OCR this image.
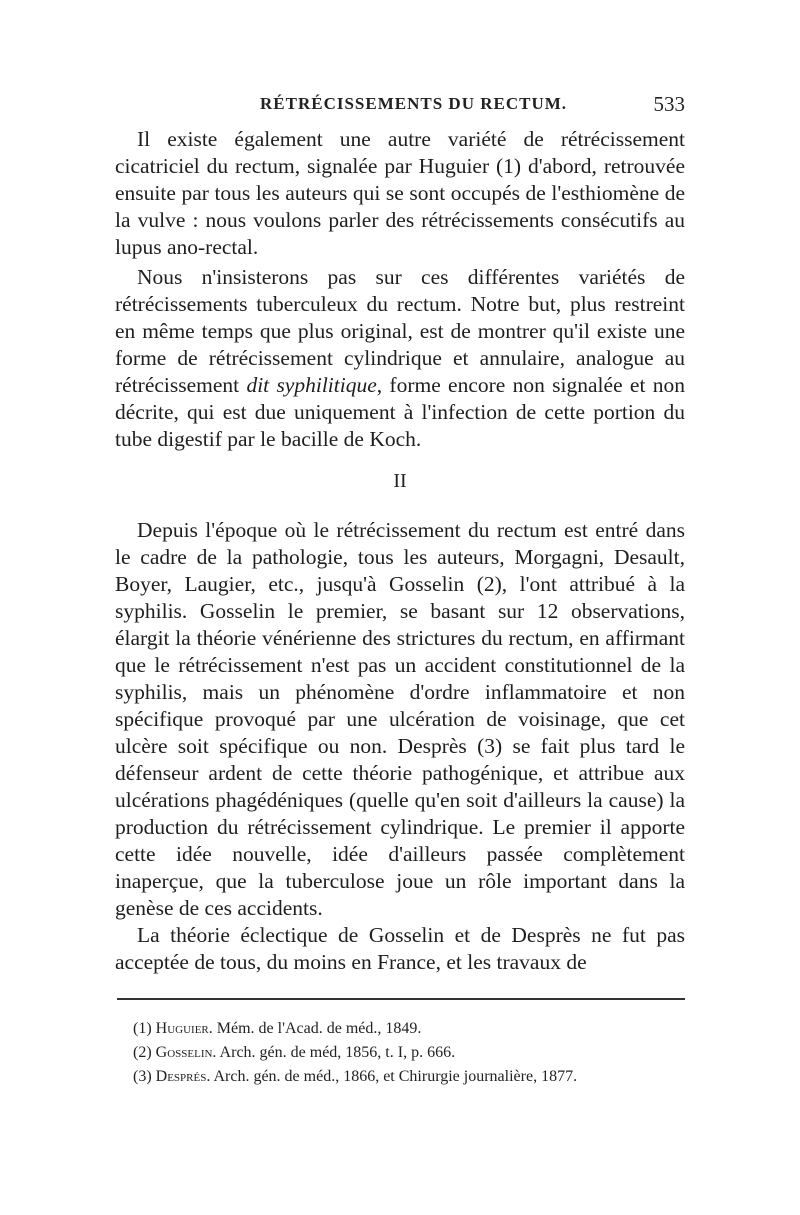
RÉTRÉCISSEMENTS DU RECTUM.	533

Il existe également une autre variété de rétrécissement cicatriciel du rectum, signalée par Huguier (1) d'abord, retrouvée ensuite par tous les auteurs qui se sont occupés de l'esthiomène de la vulve : nous voulons parler des rétrécissements consécutifs au lupus ano-rectal.

Nous n'insisterons pas sur ces différentes variétés de rétrécissements tuberculeux du rectum. Notre but, plus restreint en même temps que plus original, est de montrer qu'il existe une forme de rétrécissement cylindrique et annulaire, analogue au rétrécissement dit syphilitique, forme encore non signalée et non décrite, qui est due uniquement à l'infection de cette portion du tube digestif par le bacille de Koch.

II

Depuis l'époque où le rétrécissement du rectum est entré dans le cadre de la pathologie, tous les auteurs, Morgagni, Desault, Boyer, Laugier, etc., jusqu'à Gosselin (2), l'ont attribué à la syphilis. Gosselin le premier, se basant sur 12 observations, élargit la théorie vénérienne des strictures du rectum, en affirmant que le rétrécissement n'est pas un accident constitutionnel de la syphilis, mais un phénomène d'ordre inflammatoire et non spécifique provoqué par une ulcération de voisinage, que cet ulcère soit spécifique ou non. Desprès (3) se fait plus tard le défenseur ardent de cette théorie pathogénique, et attribue aux ulcérations phagédéniques (quelle qu'en soit d'ailleurs la cause) la production du rétrécissement cylindrique. Le premier il apporte cette idée nouvelle, idée d'ailleurs passée complètement inaperçue, que la tuberculose joue un rôle important dans la genèse de ces accidents.

La théorie éclectique de Gosselin et de Desprès ne fut pas acceptée de tous, du moins en France, et les travaux de

(1) Huguier. Mém. de l'Acad. de méd., 1849.

(2) Gosselin. Arch. gén. de méd, 1856, t. I, p. 666.

(3) Després. Arch. gén. de méd., 1866, et Chirurgie journalière, 1877.
